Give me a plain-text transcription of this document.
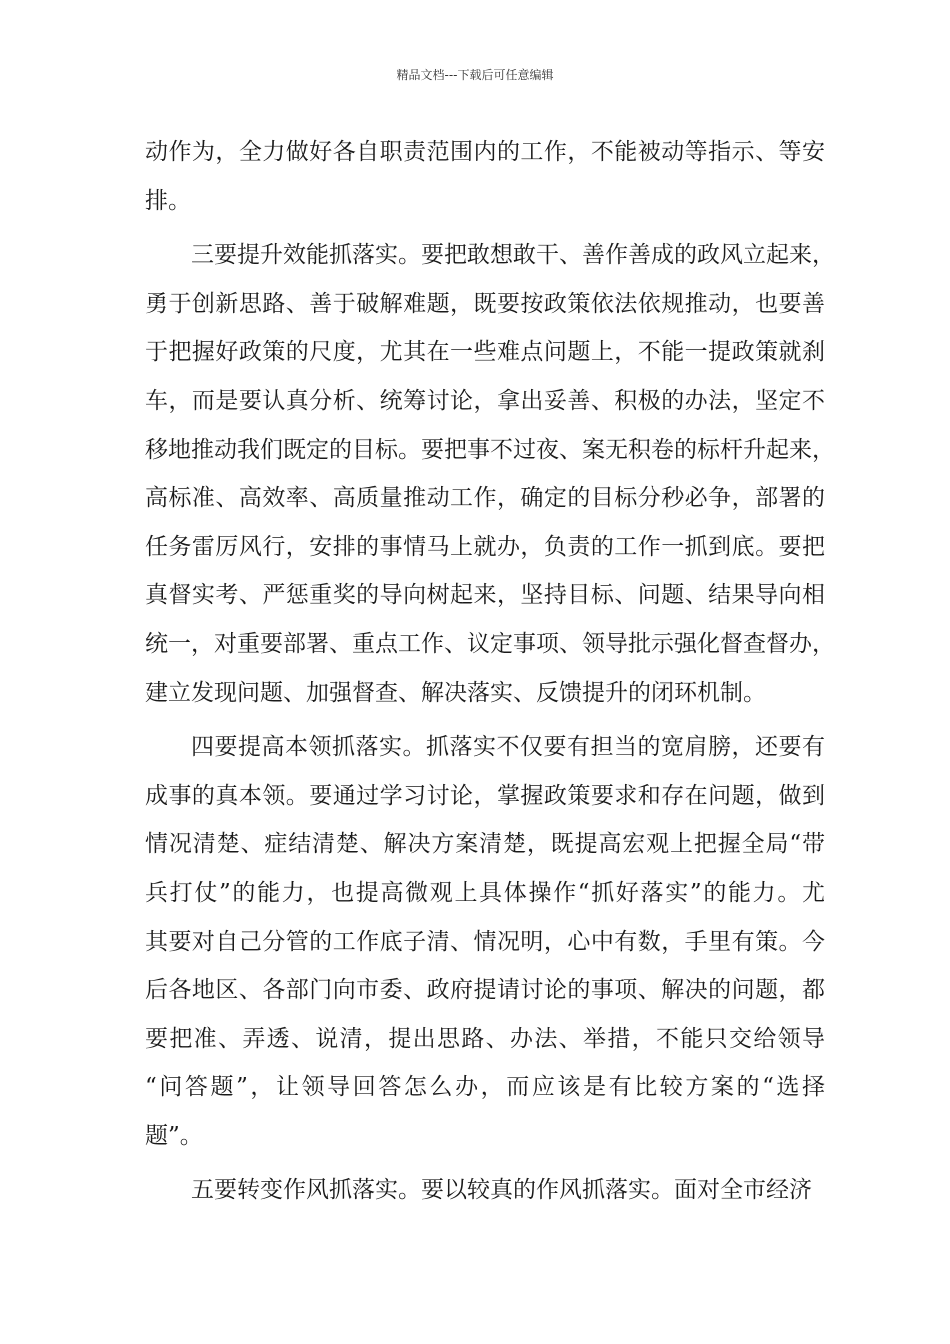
精品文档---下载后可任意编辑
动作为，全力做好各自职责范围内的工作，不能被动等指示、等安
排。
三要提升效能抓落实。要把敢想敢干、善作善成的政风立起来，
勇于创新思路、善于破解难题，既要按政策依法依规推动，也要善
于把握好政策的尺度，尤其在一些难点问题上，不能一提政策就刹
车，而是要认真分析、统筹讨论，拿出妥善、积极的办法，坚定不
移地推动我们既定的目标。要把事不过夜、案无积卷的标杆升起来，
高标准、高效率、高质量推动工作，确定的目标分秒必争，部署的
任务雷厉风行，安排的事情马上就办，负责的工作一抓到底。要把
真督实考、严惩重奖的导向树起来，坚持目标、问题、结果导向相
统一，对重要部署、重点工作、议定事项、领导批示强化督查督办，
建立发现问题、加强督查、解决落实、反馈提升的闭环机制。
四要提高本领抓落实。抓落实不仅要有担当的宽肩膀，还要有
成事的真本领。要通过学习讨论，掌握政策要求和存在问题，做到
情况清楚、症结清楚、解决方案清楚，既提高宏观上把握全局“带
兵打仗”的能力，也提高微观上具体操作“抓好落实”的能力。尤
其要对自己分管的工作底子清、情况明，心中有数，手里有策。今
后各地区、各部门向市委、政府提请讨论的事项、解决的问题，都
要把准、弄透、说清，提出思路、办法、举措，不能只交给领导
“问答题”，让领导回答怎么办，而应该是有比较方案的“选择
题”。
五要转变作风抓落实。要以较真的作风抓落实。面对全市经济
